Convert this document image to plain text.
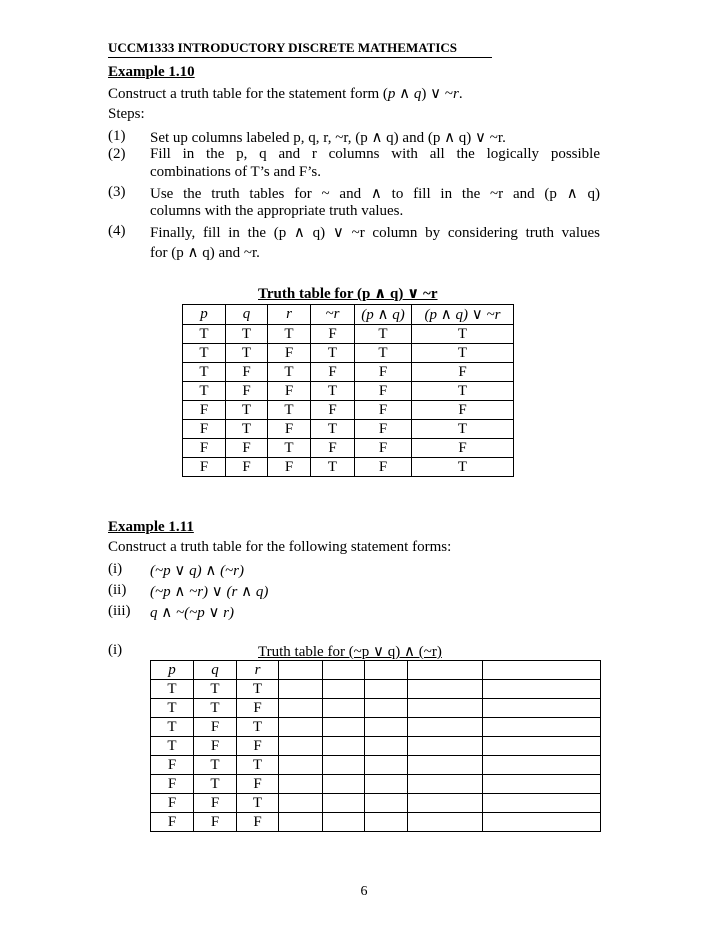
UCCM1333 INTRODUCTORY DISCRETE MATHEMATICS
Example 1.10
Construct a truth table for the statement form (p ∧ q) ∨ ~r.
Steps:
(1) Set up columns labeled p, q, r, ~r, (p ∧ q) and (p ∧ q) ∨ ~r.
(2) Fill in the p, q and r columns with all the logically possible
combinations of T’s and F’s.
(3) Use the truth tables for ~ and ∧ to fill in the ~r and (p ∧ q)
columns with the appropriate truth values.
(4) Finally, fill in the (p ∧ q) ∨ ~r column by considering truth values
for (p ∧ q) and ~r.
Truth table for (p ∧ q) ∨ ~r
p	q	r	~r	(p ∧ q)	(p ∧ q) ∨ ~r
T	T	T	F	T	T
T	T	F	T	T	T
T	F	T	F	F	F
T	F	F	T	F	T
F	T	T	F	F	F
F	T	F	T	F	T
F	F	T	F	F	F
F	F	F	T	F	T
Example 1.11
Construct a truth table for the following statement forms:
(i) (~p ∨ q) ∧ (~r)
(ii) (~p ∧ ~r) ∨ (r ∧ q)
(iii) q ∧ ~(~p ∨ r)
(i)	Truth table for (~p ∨ q) ∧ (~r)
p	q	r					
T	T	T					
T	T	F					
T	F	T					
T	F	F					
F	T	T					
F	T	F					
F	F	T					
F	F	F					
6
